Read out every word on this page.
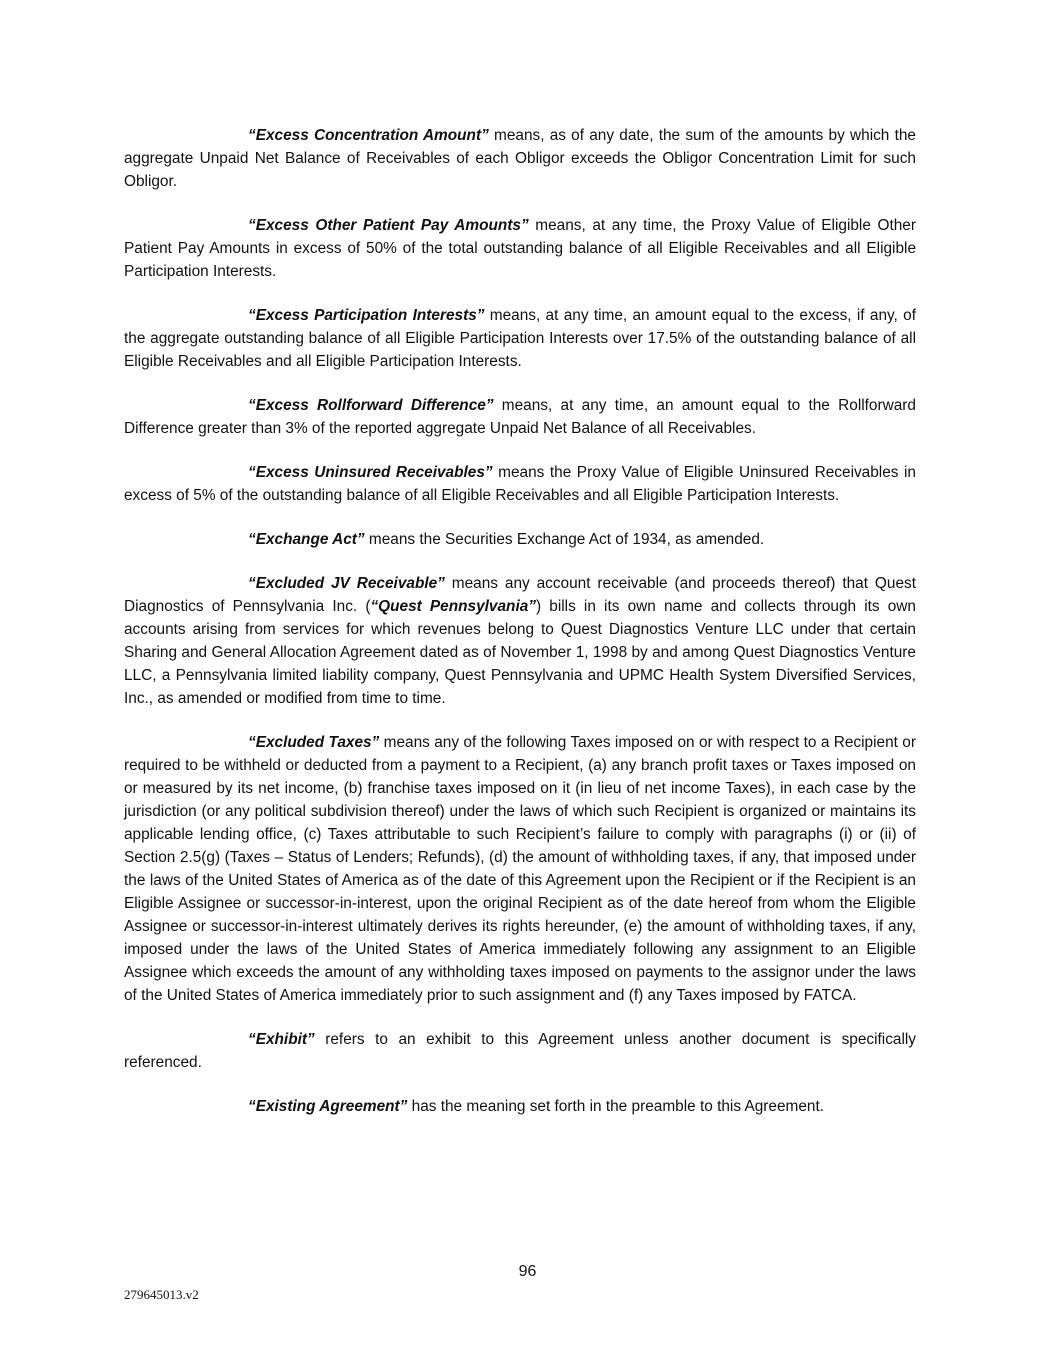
“Excess Concentration Amount” means, as of any date, the sum of the amounts by which the aggregate Unpaid Net Balance of Receivables of each Obligor exceeds the Obligor Concentration Limit for such Obligor.

“Excess Other Patient Pay Amounts” means, at any time, the Proxy Value of Eligible Other Patient Pay Amounts in excess of 50% of the total outstanding balance of all Eligible Receivables and all Eligible Participation Interests.

“Excess Participation Interests” means, at any time, an amount equal to the excess, if any, of the aggregate outstanding balance of all Eligible Participation Interests over 17.5% of the outstanding balance of all Eligible Receivables and all Eligible Participation Interests.

“Excess Rollforward Difference” means, at any time, an amount equal to the Rollforward Difference greater than 3% of the reported aggregate Unpaid Net Balance of all Receivables.

“Excess Uninsured Receivables” means the Proxy Value of Eligible Uninsured Receivables in excess of 5% of the outstanding balance of all Eligible Receivables and all Eligible Participation Interests.

“Exchange Act” means the Securities Exchange Act of 1934, as amended.

“Excluded JV Receivable” means any account receivable (and proceeds thereof) that Quest Diagnostics of Pennsylvania Inc. (“Quest Pennsylvania”) bills in its own name and collects through its own accounts arising from services for which revenues belong to Quest Diagnostics Venture LLC under that certain Sharing and General Allocation Agreement dated as of November 1, 1998 by and among Quest Diagnostics Venture LLC, a Pennsylvania limited liability company, Quest Pennsylvania and UPMC Health System Diversified Services, Inc., as amended or modified from time to time.

“Excluded Taxes” means any of the following Taxes imposed on or with respect to a Recipient or required to be withheld or deducted from a payment to a Recipient, (a) any branch profit taxes or Taxes imposed on or measured by its net income, (b) franchise taxes imposed on it (in lieu of net income Taxes), in each case by the jurisdiction (or any political subdivision thereof) under the laws of which such Recipient is organized or maintains its applicable lending office, (c) Taxes attributable to such Recipient’s failure to comply with paragraphs (i) or (ii) of Section 2.5(g) (Taxes – Status of Lenders; Refunds), (d) the amount of withholding taxes, if any, that imposed under the laws of the United States of America as of the date of this Agreement upon the Recipient or if the Recipient is an Eligible Assignee or successor-in-interest, upon the original Recipient as of the date hereof from whom the Eligible Assignee or successor-in-interest ultimately derives its rights hereunder, (e) the amount of withholding taxes, if any, imposed under the laws of the United States of America immediately following any assignment to an Eligible Assignee which exceeds the amount of any withholding taxes imposed on payments to the assignor under the laws of the United States of America immediately prior to such assignment and (f) any Taxes imposed by FATCA.

“Exhibit” refers to an exhibit to this Agreement unless another document is specifically referenced.

“Existing Agreement” has the meaning set forth in the preamble to this Agreement.

96
279645013.v2
